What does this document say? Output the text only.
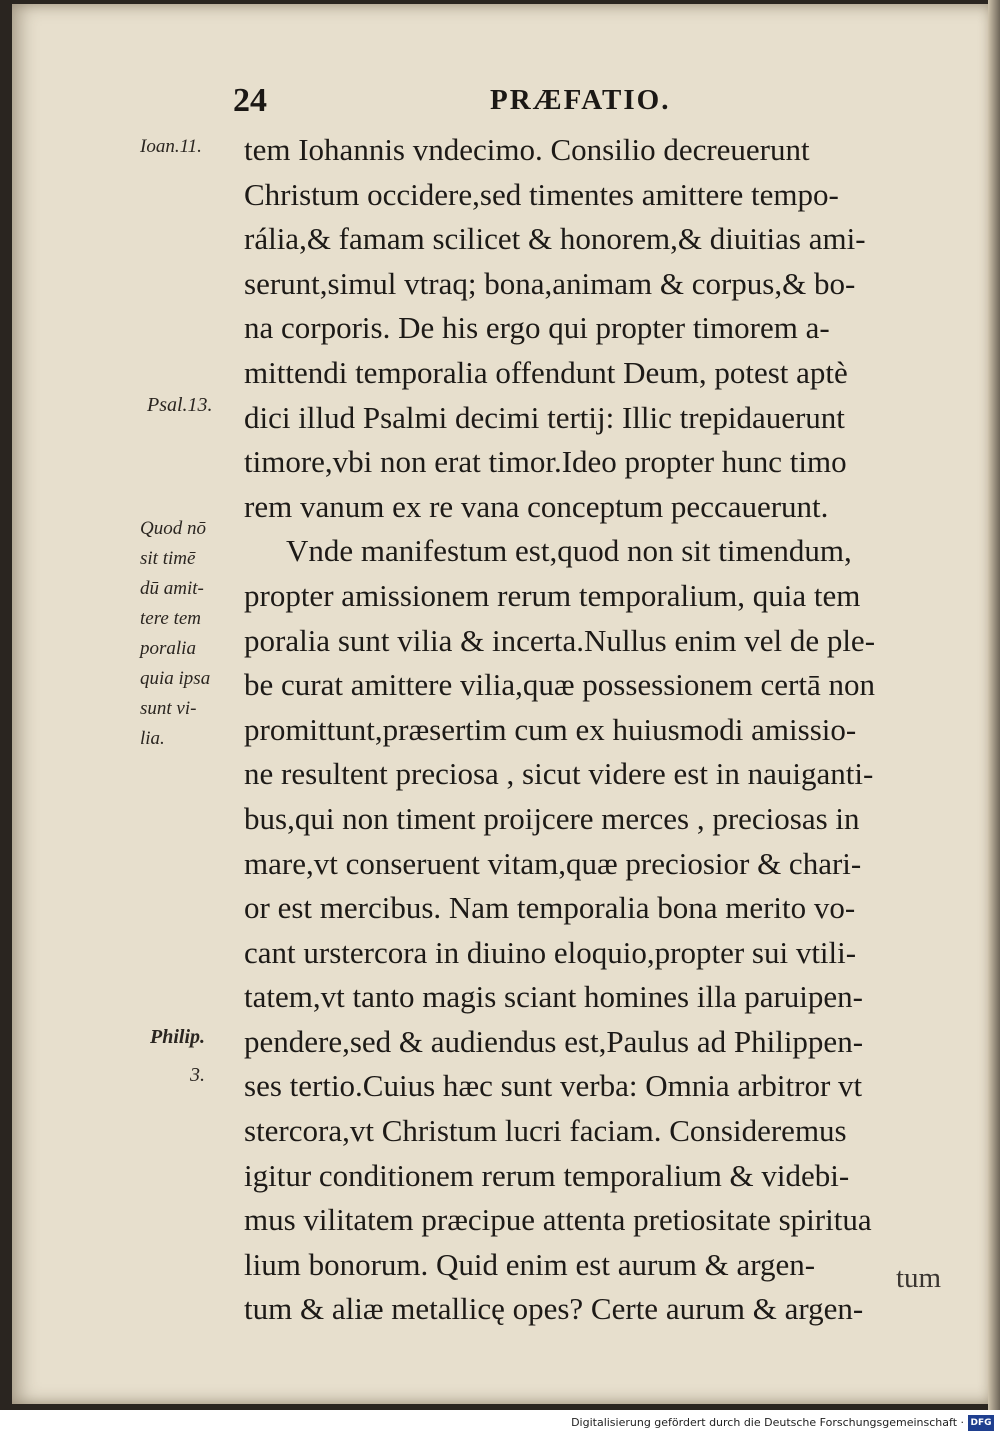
24	PRÆFATIO.
Ioan.11.
Psal.13.
Quod nō
sit timē
dū amit-
tere tem
poralia
quia ipsa
sunt vi-
lia.
Philip.
3.
tem Iohannis vndecimo. Consilio decreuerunt
Christum occidere,sed timentes amittere tempo-
rália,& famam scilicet & honorem,& diuitias ami-
serunt,simul vtraq; bona,animam & corpus,& bo-
na corporis. De his ergo qui propter timorem a-
mittendi temporalia offendunt Deum, potest aptè
dici illud Psalmi decimi tertij: Illic trepidauerunt
timore,vbi non erat timor.Ideo propter hunc timo
rem vanum ex re vana conceptum peccauerunt.
Vnde manifestum est,quod non sit timendum,
propter amissionem rerum temporalium, quia tem
poralia sunt vilia & incerta.Nullus enim vel de ple-
be curat amittere vilia,quæ possessionem certā non
promittunt,præsertim cum ex huiusmodi amissio-
ne resultent preciosa , sicut videre est in nauiganti-
bus,qui non timent proijcere merces , preciosas in
mare,vt conseruent vitam,quæ preciosior & chari-
or est mercibus. Nam temporalia bona merito vo-
cant urstercora in diuino eloquio,propter sui vtili-
tatem,vt tanto magis sciant homines illa paruipen-
pendere,sed & audiendus est,Paulus ad Philippen-
ses tertio.Cuius hæc sunt verba: Omnia arbitror vt
stercora,vt Christum lucri faciam. Consideremus
igitur conditionem rerum temporalium & videbi-
mus vilitatem præcipue attenta pretiositate spiritua
lium bonorum. Quid enim est aurum & argen-
tum & aliæ metallicę opes? Certe aurum & argen-
tum
Digitalisierung gefördert durch die Deutsche Forschungsgemeinschaft · DFG
